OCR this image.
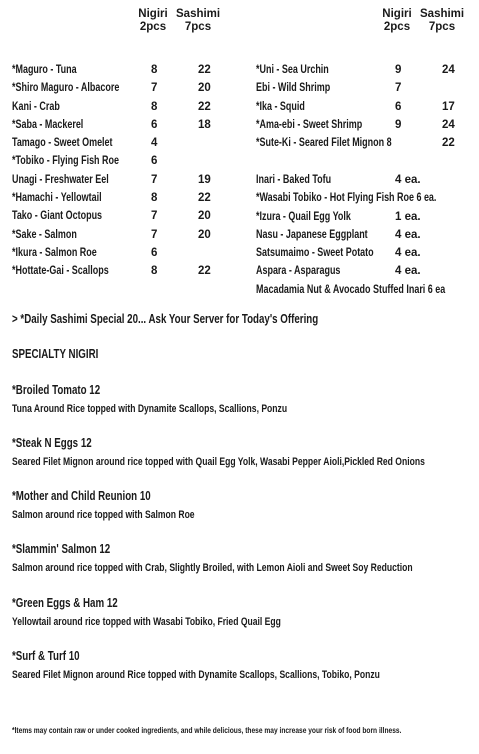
Nigiri
2pcs
Sashimi
7pcs
Nigiri
2pcs
Sashimi
7pcs
*Maguro - Tuna	8	22
*Shiro Maguro - Albacore	7	20
Kani - Crab	8	22
*Saba - Mackerel	6	18
Tamago - Sweet Omelet	4
*Tobiko - Flying Fish Roe	6
Unagi - Freshwater Eel	7	19
*Hamachi - Yellowtail	8	22
Tako - Giant Octopus	7	20
*Sake - Salmon	7	20
*Ikura - Salmon Roe	6
*Hottate-Gai - Scallops	8	22
*Uni - Sea Urchin	9	24
Ebi - Wild Shrimp	7
*Ika - Squid	6	17
*Ama-ebi - Sweet Shrimp	9	24
*Sute-Ki - Seared Filet Mignon 8	22
Inari - Baked Tofu	4 ea.
*Wasabi Tobiko - Hot Flying Fish Roe 6 ea.
*Izura - Quail Egg Yolk	1 ea.
Nasu - Japanese Eggplant 4 ea.
Satsumaimo - Sweet Potato 4 ea.
Aspara - Asparagus	4 ea.
Macadamia Nut & Avocado Stuffed Inari 6 ea
> *Daily Sashimi Special 20... Ask Your Server for Today's Offering
SPECIALTY NIGIRI
*Broiled Tomato 12
Tuna Around Rice topped with Dynamite Scallops, Scallions, Ponzu
*Steak N Eggs 12
Seared Filet Mignon around rice topped with Quail Egg Yolk, Wasabi Pepper Aioli,Pickled Red Onions
*Mother and Child Reunion 10
Salmon around rice topped with Salmon Roe
*Slammin' Salmon 12
Salmon around rice topped with Crab, Slightly Broiled, with Lemon Aioli and Sweet Soy Reduction
*Green Eggs & Ham 12
Yellowtail around rice topped with Wasabi Tobiko, Fried Quail Egg
*Surf & Turf 10
Seared Filet Mignon around Rice topped with Dynamite Scallops, Scallions, Tobiko, Ponzu
*Items may contain raw or under cooked ingredients, and while delicious, these may increase your risk of food born illness.
